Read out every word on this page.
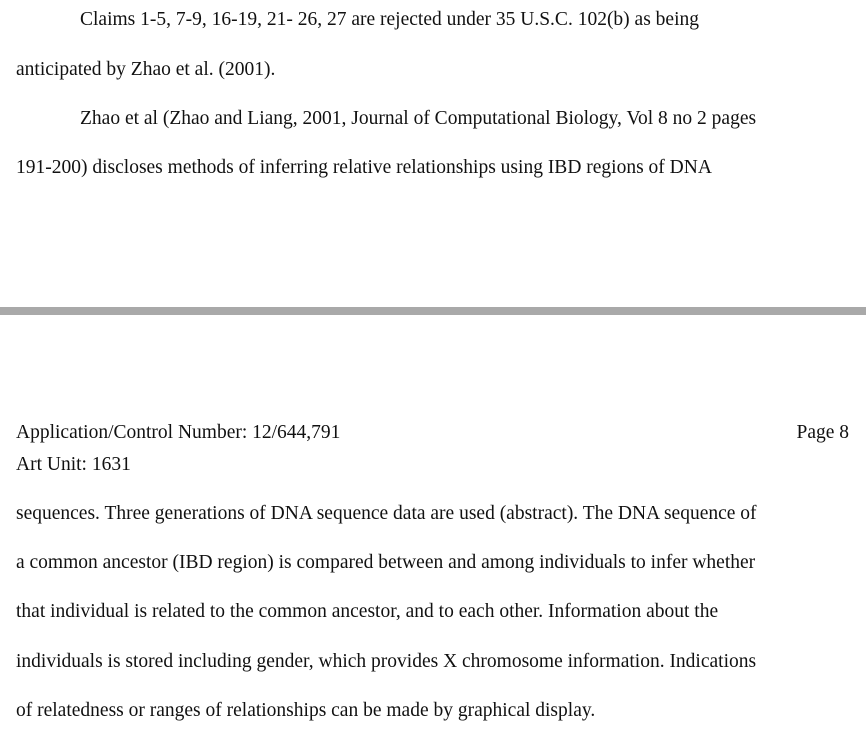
Claims 1-5, 7-9, 16-19, 21- 26, 27 are rejected under 35 U.S.C. 102(b) as being
anticipated by Zhao et al. (2001).
Zhao et al (Zhao and Liang, 2001, Journal of Computational Biology, Vol 8 no 2 pages
191-200) discloses methods of inferring relative relationships using IBD regions of DNA
Application/Control Number: 12/644,791	Page 8
Art Unit: 1631
sequences. Three generations of DNA sequence data are used (abstract). The DNA sequence of
a common ancestor (IBD region) is compared between and among individuals to infer whether
that individual is related to the common ancestor, and to each other. Information about the
individuals is stored including gender, which provides X chromosome information. Indications
of relatedness or ranges of relationships can be made by graphical display.
